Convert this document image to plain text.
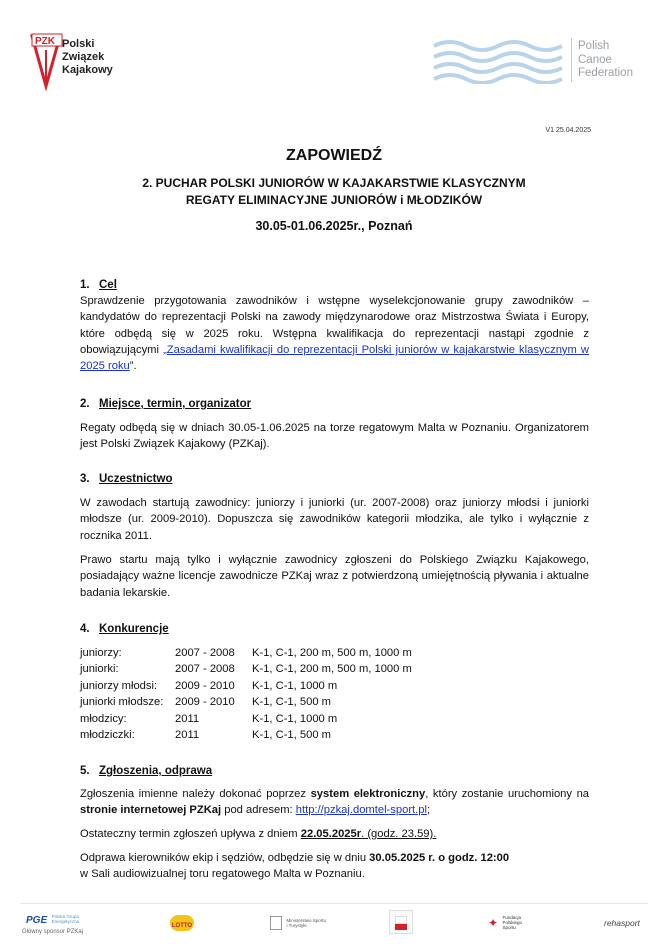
PZK Polski
Związek
Kajakowy
Polish
Canoe
Federation
V1 25.04.2025
ZAPOWIEDŹ
2. PUCHAR POLSKI JUNIORÓW W KAJAKARSTWIE KLASYCZNYM
REGATY ELIMINACYJNE JUNIORÓW i MŁODZIKÓW
30.05-01.06.2025r., Poznań
1. Cel
Sprawdzenie przygotowania zawodników i wstępne wyselekcjonowanie grupy zawodników – kandydatów do reprezentacji Polski na zawody międzynarodowe oraz Mistrzostwa Świata i Europy, które odbędą się w 2025 roku. Wstępna kwalifikacja do reprezentacji nastąpi zgodnie z obowiązującymi „Zasadami kwalifikacji do reprezentacji Polski juniorów w kajakarstwie klasycznym w 2025 roku”.
2. Miejsce, termin, organizator
Regaty odbędą się w dniach 30.05-1.06.2025 na torze regatowym Malta w Poznaniu. Organizatorem jest Polski Związek Kajakowy (PZKaj).
3. Uczestnictwo
W zawodach startują zawodnicy: juniorzy i juniorki (ur. 2007-2008) oraz juniorzy młodsi i juniorki młodsze (ur. 2009-2010). Dopuszcza się zawodników kategorii młodzika, ale tylko i wyłącznie z rocznika 2011.
Prawo startu mają tylko i wyłącznie zawodnicy zgłoszeni do Polskiego Związku Kajakowego, posiadający ważne licencje zawodnicze PZKaj wraz z potwierdzoną umiejętnością pływania i aktualne badania lekarskie.
4. Konkurencje
juniorzy:	2007 - 2008	K-1, C-1, 200 m, 500 m, 1000 m
juniorki:	2007 - 2008	K-1, C-1, 200 m, 500 m, 1000 m
juniorzy młodsi:	2009 - 2010	K-1, C-1, 1000 m
juniorki młodsze:	2009 - 2010	K-1, C-1, 500 m
młodzicy:	2011	K-1, C-1, 1000 m
młodziczki:	2011	K-1, C-1, 500 m
5. Zgłoszenia, odprawa
Zgłoszenia imienne należy dokonać poprzez system elektroniczny, który zostanie uruchomiony na stronie internetowej PZKaj pod adresem: http://pzkaj.domtel-sport.pl;
Ostateczny termin zgłoszeń upływa z dniem 22.05.2025r. (godz. 23.59).
Odprawa kierowników ekip i sędziów, odbędzie się w dniu 30.05.2025 r. o godz. 12:00
w Sali audiowizualnej toru regatowego Malta w Poznaniu.
PGE Polska Grupa Energetyczna
Główny sponsor PZKaj
LOTTO
Ministerstwo Sportu i Turystyki	✦ Fundacja Polskiego Sportu	rehasport
